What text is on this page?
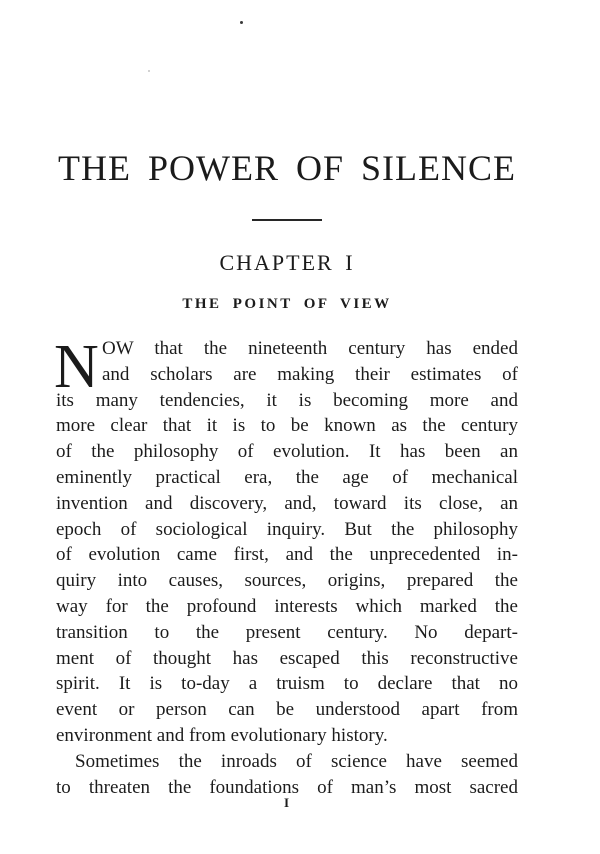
THE POWER OF SILENCE
CHAPTER I
THE POINT OF VIEW
N OW that the nineteenth century has ended
and scholars are making their estimates of
its many tendencies, it is becoming more and
more clear that it is to be known as the century
of the philosophy of evolution. It has been an
eminently practical era, the age of mechanical
invention and discovery, and, toward its close, an
epoch of sociological inquiry. But the philosophy
of evolution came first, and the unprecedented in-
quiry into causes, sources, origins, prepared the
way for the profound interests which marked the
transition to the present century. No depart-
ment of thought has escaped this reconstructive
spirit. It is to-day a truism to declare that no
event or person can be understood apart from
environment and from evolutionary history.
Sometimes the inroads of science have seemed
to threaten the foundations of man’s most sacred
I
